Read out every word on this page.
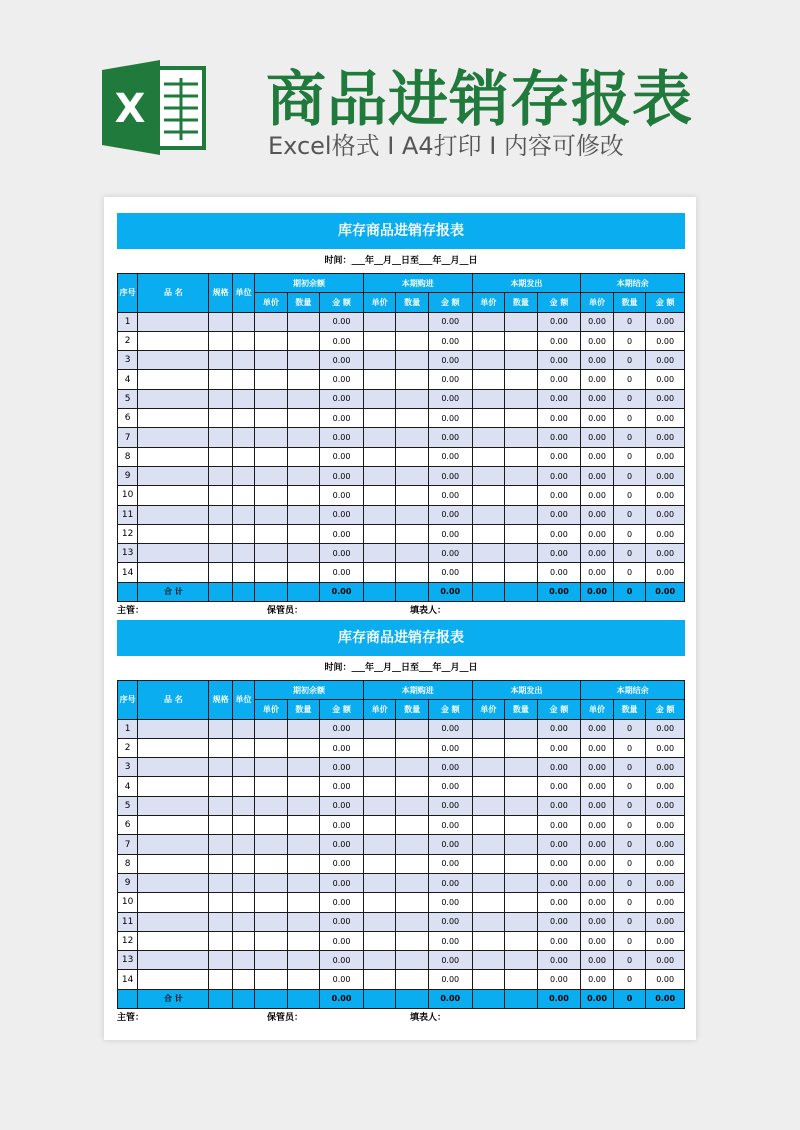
X 商品进销存报表
Excel格式 I A4打印 I 内容可修改
库存商品进销存报表
时间：___年__月__日至___年__月__日
序号	品 名	规格	单位	期初余额			本期购进			本期发出			本期结余		
				单价	数量	金 额	单价	数量	金 额	单价	数量	金 额	单价	数量	金 额
1						0.00			0.00			0.00	0.00	0	0.00
2						0.00			0.00			0.00	0.00	0	0.00
3						0.00			0.00			0.00	0.00	0	0.00
4						0.00			0.00			0.00	0.00	0	0.00
5						0.00			0.00			0.00	0.00	0	0.00
6						0.00			0.00			0.00	0.00	0	0.00
7						0.00			0.00			0.00	0.00	0	0.00
8						0.00			0.00			0.00	0.00	0	0.00
9						0.00			0.00			0.00	0.00	0	0.00
10						0.00			0.00			0.00	0.00	0	0.00
11						0.00			0.00			0.00	0.00	0	0.00
12						0.00			0.00			0.00	0.00	0	0.00
13						0.00			0.00			0.00	0.00	0	0.00
14						0.00			0.00			0.00	0.00	0	0.00
	合 计					0.00			0.00			0.00	0.00	0	0.00
主管：	保管员：	填表人：
库存商品进销存报表
时间：___年__月__日至___年__月__日
序号	品 名	规格	单位	期初余额			本期购进			本期发出			本期结余		
				单价	数量	金 额	单价	数量	金 额	单价	数量	金 额	单价	数量	金 额
1						0.00			0.00			0.00	0.00	0	0.00
2						0.00			0.00			0.00	0.00	0	0.00
3						0.00			0.00			0.00	0.00	0	0.00
4						0.00			0.00			0.00	0.00	0	0.00
5						0.00			0.00			0.00	0.00	0	0.00
6						0.00			0.00			0.00	0.00	0	0.00
7						0.00			0.00			0.00	0.00	0	0.00
8						0.00			0.00			0.00	0.00	0	0.00
9						0.00			0.00			0.00	0.00	0	0.00
10						0.00			0.00			0.00	0.00	0	0.00
11						0.00			0.00			0.00	0.00	0	0.00
12						0.00			0.00			0.00	0.00	0	0.00
13						0.00			0.00			0.00	0.00	0	0.00
14						0.00			0.00			0.00	0.00	0	0.00
	合 计					0.00			0.00			0.00	0.00	0	0.00
主管：	保管员：	填表人：
